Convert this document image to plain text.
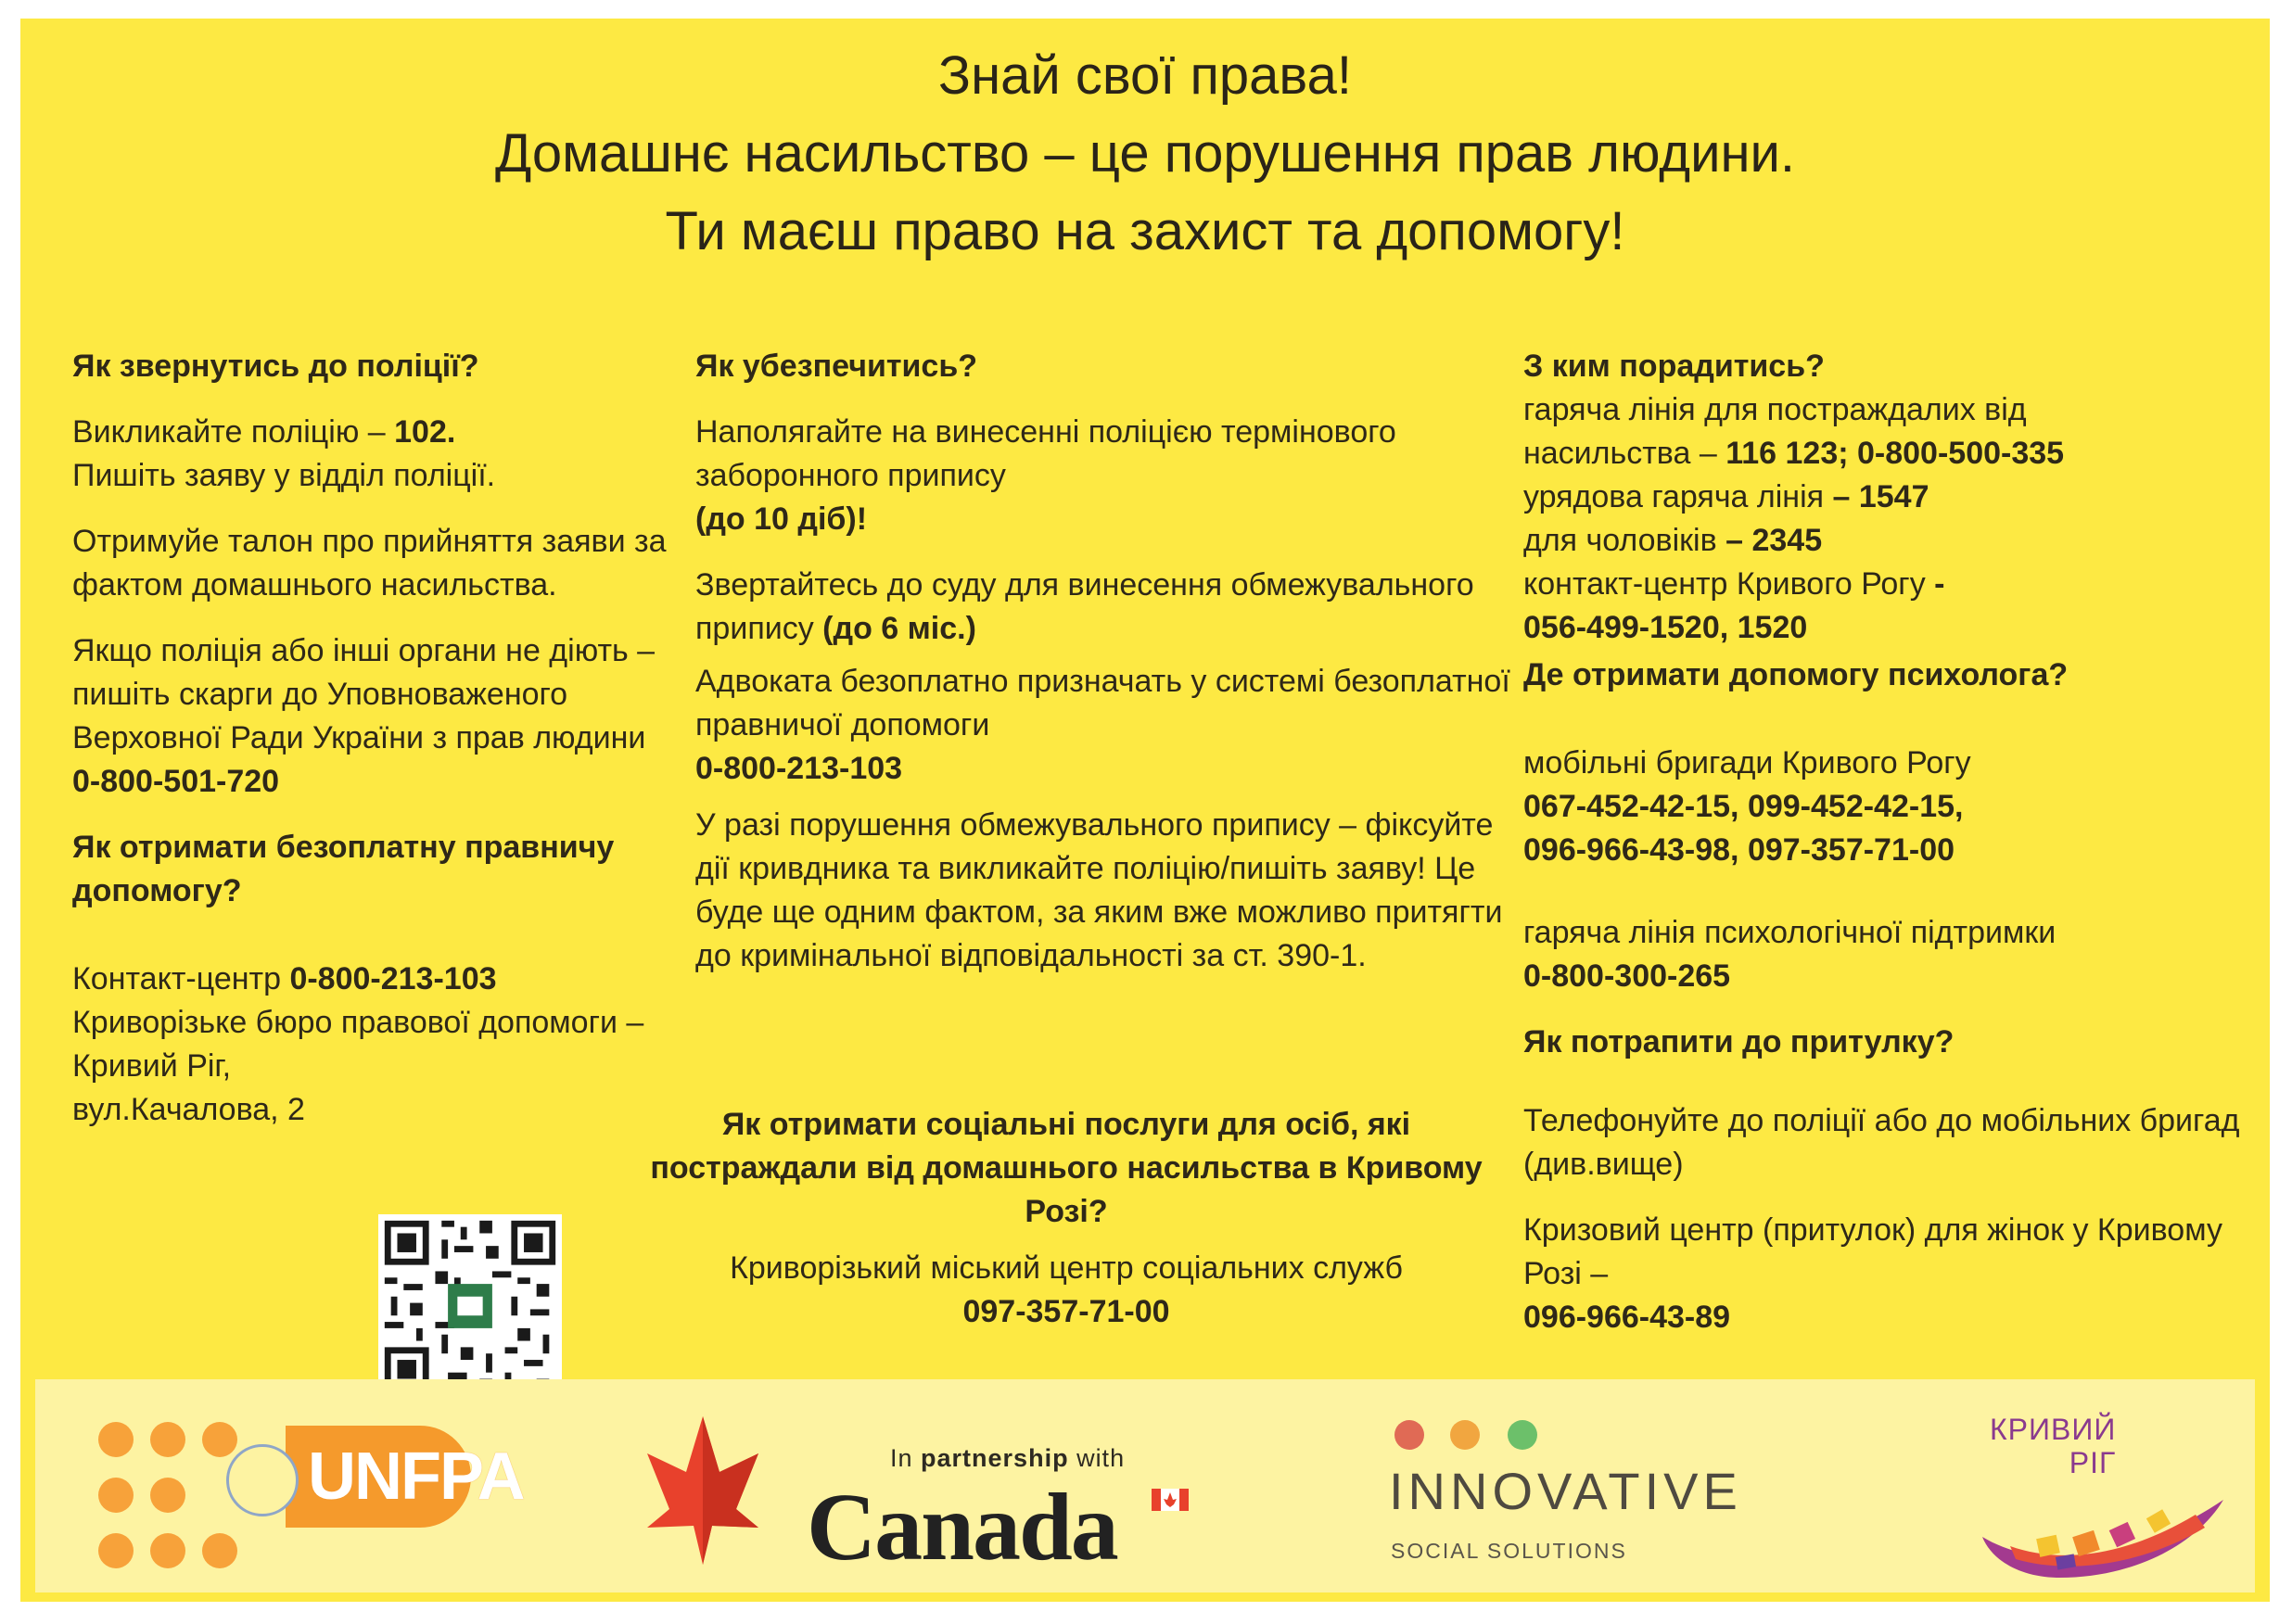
Знай свої права!
Домашнє насильство – це порушення прав людини.
Ти маєш право на захист та допомогу!

Як звернутись до поліції?

Викликайте поліцію – 102.
Пишіть заяву у відділ поліції.

Отримуйе талон про прийняття заяви за фактом домашнього насильства.

Якщо поліція або інші органи не діють – пишіть скарги до Уповноваженого Верховної Ради України з прав людини
0-800-501-720

Як отримати безоплатну правничу допомогу?

Контакт-центр 0-800-213-103
Криворізьке бюро правової допомоги – Кривий Ріг,
вул.Качалова, 2

Як убезпечитись?

Наполягайте на винесенні поліцією термінового заборонного припису
(до 10 діб)!

Звертайтесь до суду для винесення обмежувального припису (до 6 міс.)

Адвоката безоплатно призначать у системі безоплатної правничої допомоги
0-800-213-103

У разі порушення обмежувального припису – фіксуйте дії кривдника та викликайте поліцію/пишіть заяву! Це буде ще одним фактом, за яким вже можливо притягти до кримінальної відповідальності за ст. 390-1.

Як отримати соціальні послуги для осіб, які постраждали від домашнього насильства в Кривому Розі?

Криворізький міський центр соціальних служб

097-357-71-00

З ким порадитись?

гаряча лінія для постраждалих від
насильства – 116 123; 0-800-500-335
урядова гаряча лінія – 1547
для чоловіків – 2345
контакт-центр Кривого Рогу -
056-499-1520, 1520

Де отримати допомогу психолога?

мобільні бригади Кривого Рогу
067-452-42-15, 099-452-42-15,
096-966-43-98, 097-357-71-00

гаряча лінія психологічної підтримки
0-800-300-265

Як потрапити до притулку?

Телефонуйте до поліції або до мобільних бригад (див.вище)

Кризовий центр (притулок) для жінок у Кривому Розі –
096-966-43-89

UNFPA	In partnership with
Canada	INNOVATIVE
SOCIAL SOLUTIONS
КРИВИЙ
РІГ
